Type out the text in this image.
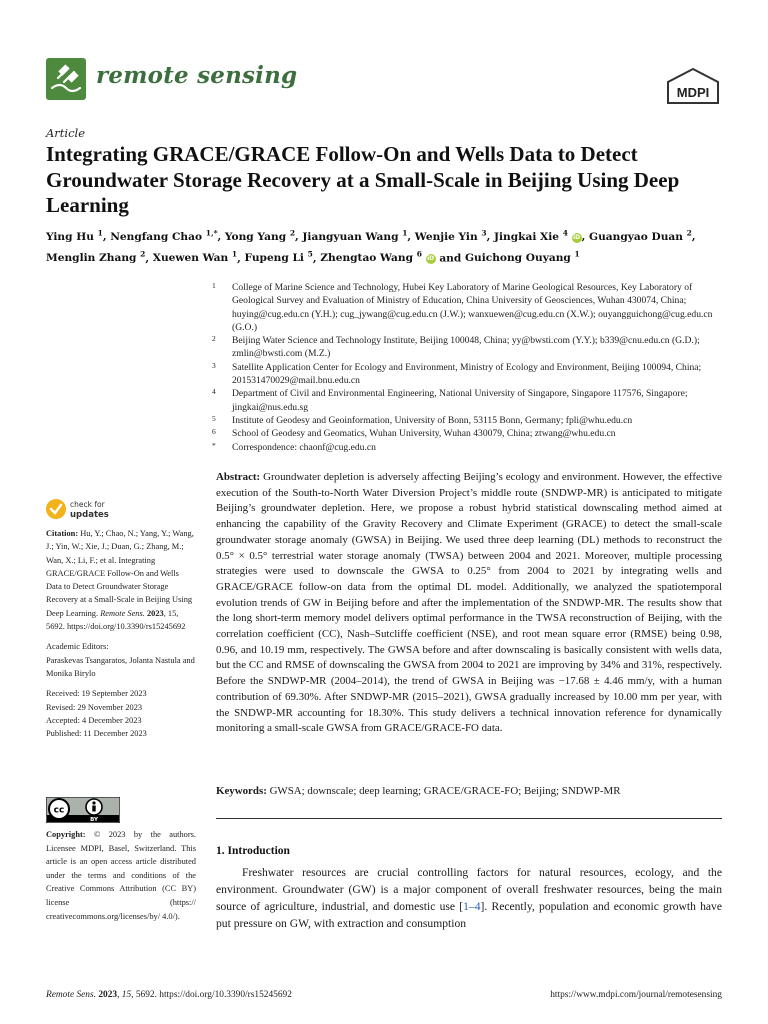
remote sensing
MDPI
Article
Integrating GRACE/GRACE Follow-On and Wells Data to Detect Groundwater Storage Recovery at a Small-Scale in Beijing Using Deep Learning
Ying Hu $^1$, Nengfang Chao $^{1,*}$, Yong Yang $^2$, Jiangyuan Wang $^1$, Wenjie Yin $^3$, Jingkai Xie $^4$ iD, Guangyao Duan $^2$, Menglin Zhang $^2$, Xuewen Wan $^1$, Fupeng Li $^5$, Zhengtao Wang $^6$ iD and Guichong Ouyang $^1$
1 College of Marine Science and Technology, Hubei Key Laboratory of Marine Geological Resources, Key Laboratory of Geological Survey and Evaluation of Ministry of Education, China University of Geosciences, Wuhan 430074, China; huying@cug.edu.cn (Y.H.); cug_jywang@cug.edu.cn (J.W.); wanxuewen@cug.edu.cn (X.W.); ouyangguichong@cug.edu.cn (G.O.)
2 Beijing Water Science and Technology Institute, Beijing 100048, China; yy@bwsti.com (Y.Y.); b339@cnu.edu.cn (G.D.); zmlin@bwsti.com (M.Z.)
3 Satellite Application Center for Ecology and Environment, Ministry of Ecology and Environment, Beijing 100094, China; 201531470029@mail.bnu.edu.cn
4 Department of Civil and Environmental Engineering, National University of Singapore, Singapore 117576, Singapore; jingkai@nus.edu.sg
5 Institute of Geodesy and Geoinformation, University of Bonn, 53115 Bonn, Germany; fpli@whu.edu.cn
6 School of Geodesy and Geomatics, Wuhan University, Wuhan 430079, China; ztwang@whu.edu.cn
* Correspondence: chaonf@cug.edu.cn
check for
updates
Citation: Hu, Y.; Chao, N.; Yang, Y.; Wang, J.; Yin, W.; Xie, J.; Duan, G.; Zhang, M.; Wan, X.; Li, F.; et al. Integrating GRACE/GRACE Follow-On and Wells Data to Detect Groundwater Storage Recovery at a Small-Scale in Beijing Using Deep Learning. Remote Sens. 2023, 15, 5692. https://doi.org/10.3390/rs15245692
Academic Editors:
Paraskevas Tsangaratos, Jolanta Nastula and Monika Birylo
Received: 19 September 2023
Revised: 29 November 2023
Accepted: 4 December 2023
Published: 11 December 2023
cc
BY
Copyright: © 2023 by the authors. Licensee MDPI, Basel, Switzerland. This article is an open access article distributed under the terms and conditions of the Creative Commons Attribution (CC BY) license (https:// creativecommons.org/licenses/by/ 4.0/).

Abstract: Groundwater depletion is adversely affecting Beijing’s ecology and environment. However, the effective execution of the South-to-North Water Diversion Project’s middle route (SNDWP-MR) is anticipated to mitigate Beijing’s groundwater depletion. Here, we propose a robust hybrid statistical downscaling method aimed at enhancing the capability of the Gravity Recovery and Climate Experiment (GRACE) to detect the small-scale groundwater storage anomaly (GWSA) in Beijing. We used three deep learning (DL) methods to reconstruct the 0.5° × 0.5° terrestrial water storage anomaly (TWSA) between 2004 and 2021. Moreover, multiple processing strategies were used to downscale the GWSA to 0.25° from 2004 to 2021 by integrating wells and GRACE/GRACE follow-on data from the optimal DL model. Additionally, we analyzed the spatiotemporal evolution trends of GW in Beijing before and after the implementation of the SNDWP-MR. The results show that the long short-term memory model delivers optimal performance in the TWSA reconstruction of Beijing, with the correlation coefficient (CC), Nash–Sutcliffe coefficient (NSE), and root mean square error (RMSE) being 0.98, 0.96, and 10.19 mm, respectively. The GWSA before and after downscaling is basically consistent with wells data, but the CC and RMSE of downscaling the GWSA from 2004 to 2021 are improving by 34% and 31%, respectively. Before the SNDWP-MR (2004–2014), the trend of GWSA in Beijing was −17.68 ± 4.46 mm/y, with a human contribution of 69.30%. After SNDWP-MR (2015–2021), GWSA gradually increased by 10.00 mm per year, with the SNDWP-MR accounting for 18.30%. This study delivers a technical innovation reference for dynamically monitoring a small-scale GWSA from GRACE/GRACE-FO data.

Keywords: GWSA; downscale; deep learning; GRACE/GRACE-FO; Beijing; SNDWP-MR
1. Introduction

Freshwater resources are crucial controlling factors for natural resources, ecology, and the environment. Groundwater (GW) is a major component of overall freshwater resources, being the main source of agriculture, industrial, and domestic use [1–4]. Recently, population and economic growth have put pressure on GW, with extraction and consumption

Remote Sens. 2023, 15, 5692. https://doi.org/10.3390/rs15245692	https://www.mdpi.com/journal/remotesensing
